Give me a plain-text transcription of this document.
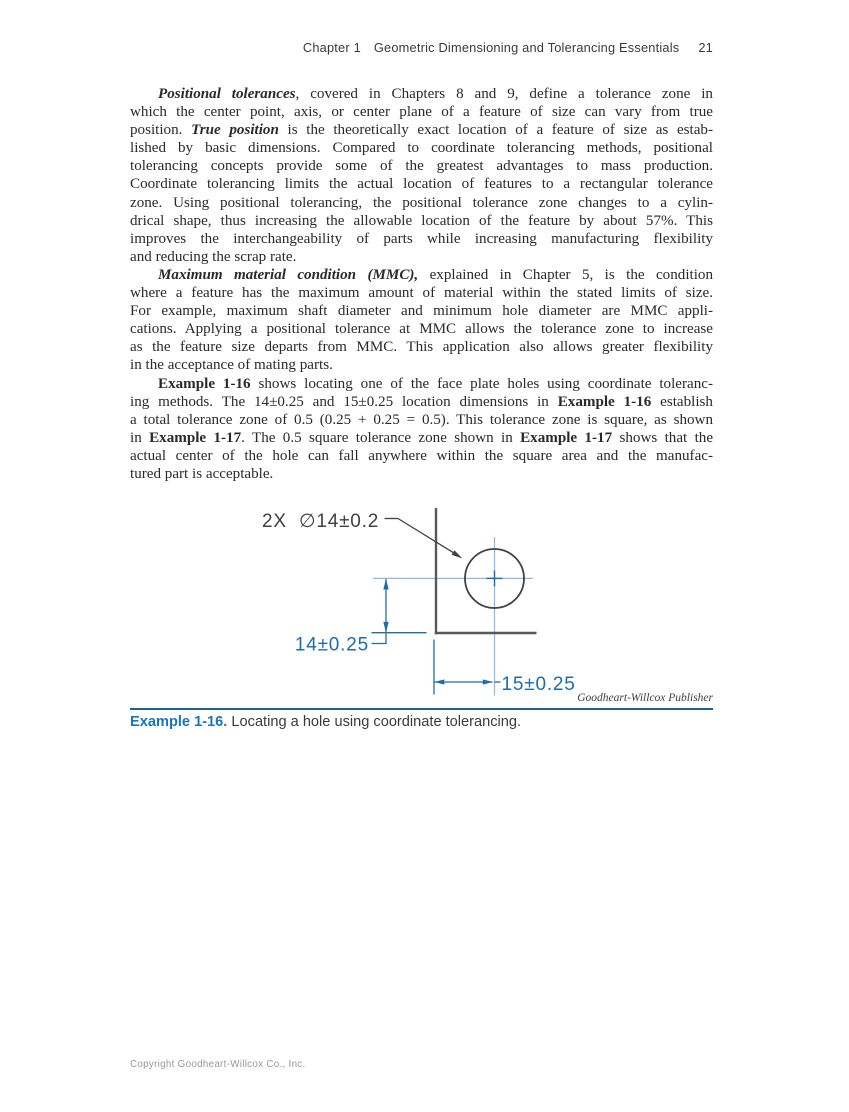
Chapter 1 Geometric Dimensioning and Tolerancing Essentials 21
Positional tolerances, covered in Chapters 8 and 9, define a tolerance zone in
which the center point, axis, or center plane of a feature of size can vary from true
position. True position is the theoretically exact location of a feature of size as estab-
lished by basic dimensions. Compared to coordinate tolerancing methods, positional
tolerancing concepts provide some of the greatest advantages to mass production.
Coordinate tolerancing limits the actual location of features to a rectangular tolerance
zone. Using positional tolerancing, the positional tolerance zone changes to a cylin-
drical shape, thus increasing the allowable location of the feature by about 57%. This
improves the interchangeability of parts while increasing manufacturing flexibility
and reducing the scrap rate.
Maximum material condition (MMC), explained in Chapter 5, is the condition
where a feature has the maximum amount of material within the stated limits of size.
For example, maximum shaft diameter and minimum hole diameter are MMC appli-
cations. Applying a positional tolerance at MMC allows the tolerance zone to increase
as the feature size departs from MMC. This application also allows greater flexibility
in the acceptance of mating parts.
Example 1-16 shows locating one of the face plate holes using coordinate toleranc-
ing methods. The 14±0.25 and 15±0.25 location dimensions in Example 1-16 establish
a total tolerance zone of 0.5 (0.25 + 0.25 = 0.5). This tolerance zone is square, as shown
in Example 1-17. The 0.5 square tolerance zone shown in Example 1-17 shows that the
actual center of the hole can fall anywhere within the square area and the manufac-
tured part is acceptable.
14±0.25
15±0.25
2X  ∅14±0.2
Goodheart-Willcox Publisher
Example 1-16. Locating a hole using coordinate tolerancing.
Copyright Goodheart-Willcox Co., Inc.
